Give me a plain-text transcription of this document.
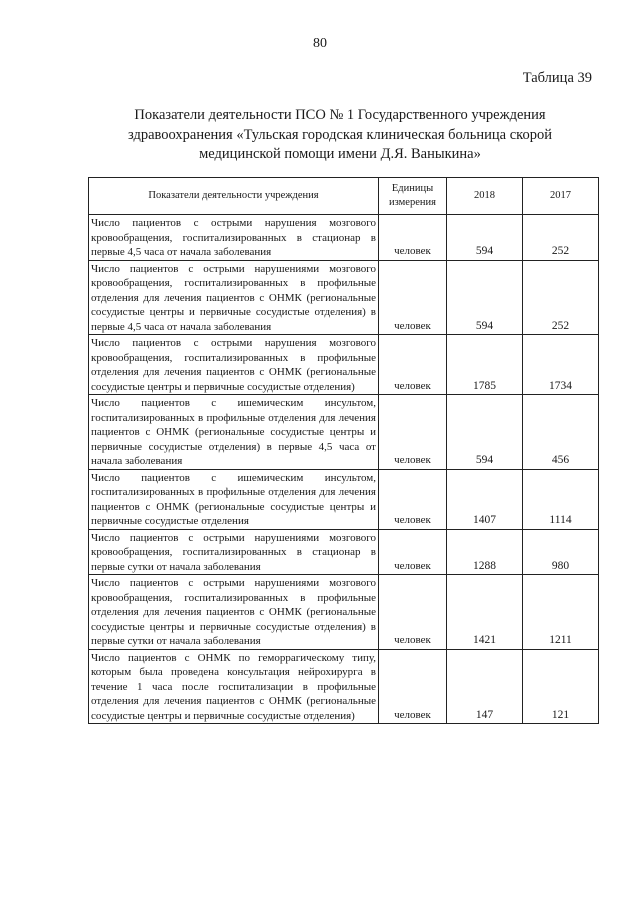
80
Таблица 39
Показатели деятельности ПСО № 1 Государственного учреждения здравоохранения «Тульская городская клиническая больница скорой медицинской помощи имени Д.Я. Ваныкина»
Показатели деятельности учреждения	Единицы измерения	2018	2017
Число пациентов с острыми нарушения мозгового кровообращения, госпитализированных в стационар в первые 4,5 часа от начала заболевания	человек	594	252
Число пациентов с острыми нарушениями мозгового кровообращения, госпитализированных в профильные отделения для лечения пациентов с ОНМК (региональные сосудистые центры и первичные сосудистые отделения) в первые 4,5 часа от начала заболевания	человек	594	252
Число пациентов с острыми нарушения мозгового кровообращения, госпитализированных в профильные отделения для лечения пациентов с ОНМК (региональные сосудистые центры и первичные сосудистые отделения)	человек	1785	1734
Число пациентов с ишемическим инсультом, госпитализированных в профильные отделения для лечения пациентов с ОНМК (региональные сосудистые центры и первичные сосудистые отделения) в первые 4,5 часа от начала заболевания	человек	594	456
Число пациентов с ишемическим инсультом, госпитализированных в профильные отделения для лечения пациентов с ОНМК (региональные сосудистые центры и первичные сосудистые отделения	человек	1407	1114
Число пациентов с острыми нарушениями мозгового кровообращения, госпитализированных в стационар в первые сутки от начала заболевания	человек	1288	980
Число пациентов с острыми нарушениями мозгового кровообращения, госпитализированных в профильные отделения для лечения пациентов с ОНМК (региональные сосудистые центры и первичные сосудистые отделения) в первые сутки от начала заболевания	человек	1421	1211
Число пациентов с ОНМК по геморрагическому типу, которым была проведена консультация нейрохирурга в течение 1 часа после госпитализации в профильные отделения для лечения пациентов с ОНМК (региональные сосудистые центры и первичные сосудистые отделения)	человек	147	121
